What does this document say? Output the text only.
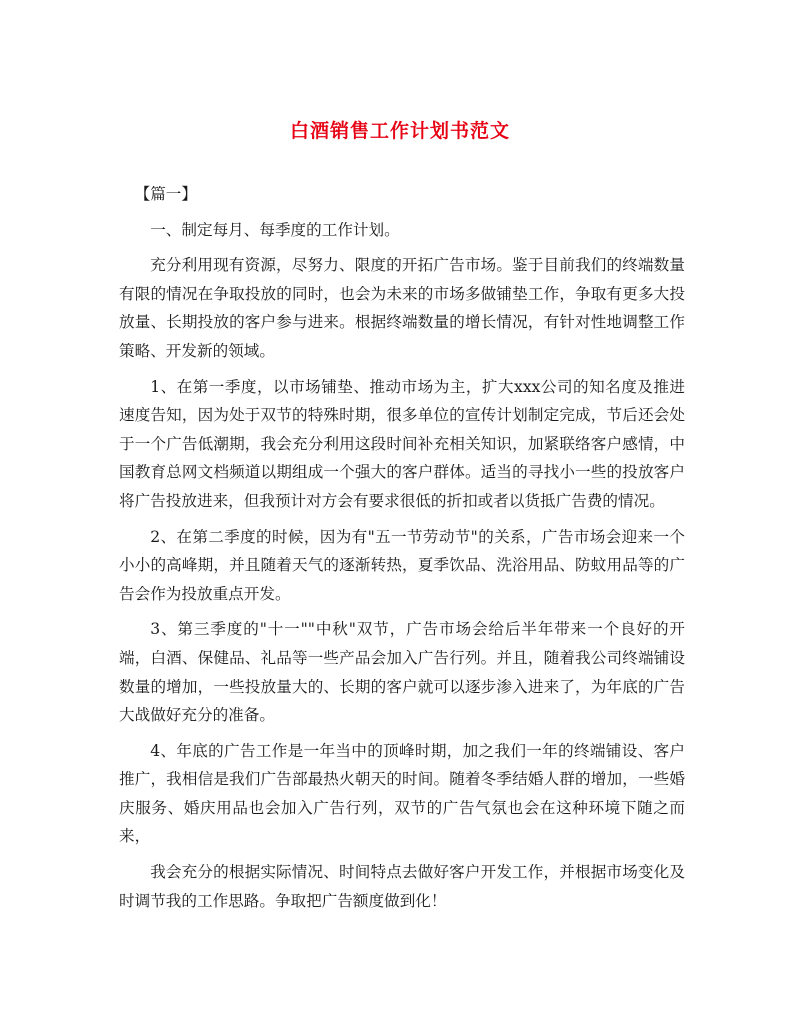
白酒销售工作计划书范文

【篇一】

一、制定每月、每季度的工作计划。

充分利用现有资源，尽努力、限度的开拓广告市场。鉴于目前我们的终端数量有限的情况在争取投放的同时，也会为未来的市场多做铺垫工作，争取有更多大投放量、长期投放的客户参与进来。根据终端数量的增长情况，有针对性地调整工作策略、开发新的领域。

1、在第一季度，以市场铺垫、推动市场为主，扩大xxx公司的知名度及推进速度告知，因为处于双节的特殊时期，很多单位的宣传计划制定完成，节后还会处于一个广告低潮期，我会充分利用这段时间补充相关知识，加紧联络客户感情，中国教育总网文档频道以期组成一个强大的客户群体。适当的寻找小一些的投放客户将广告投放进来，但我预计对方会有要求很低的折扣或者以货抵广告费的情况。

2、在第二季度的时候，因为有"五一节劳动节"的关系，广告市场会迎来一个小小的高峰期，并且随着天气的逐渐转热，夏季饮品、洗浴用品、防蚊用品等的广告会作为投放重点开发。

3、第三季度的"十一""中秋"双节，广告市场会给后半年带来一个良好的开端，白酒、保健品、礼品等一些产品会加入广告行列。并且，随着我公司终端铺设数量的增加，一些投放量大的、长期的客户就可以逐步渗入进来了，为年底的广告大战做好充分的准备。

4、年底的广告工作是一年当中的顶峰时期，加之我们一年的终端铺设、客户推广，我相信是我们广告部最热火朝天的时间。随着冬季结婚人群的增加，一些婚庆服务、婚庆用品也会加入广告行列，双节的广告气氛也会在这种环境下随之而来，

我会充分的根据实际情况、时间特点去做好客户开发工作，并根据市场变化及时调节我的工作思路。争取把广告额度做到化！
